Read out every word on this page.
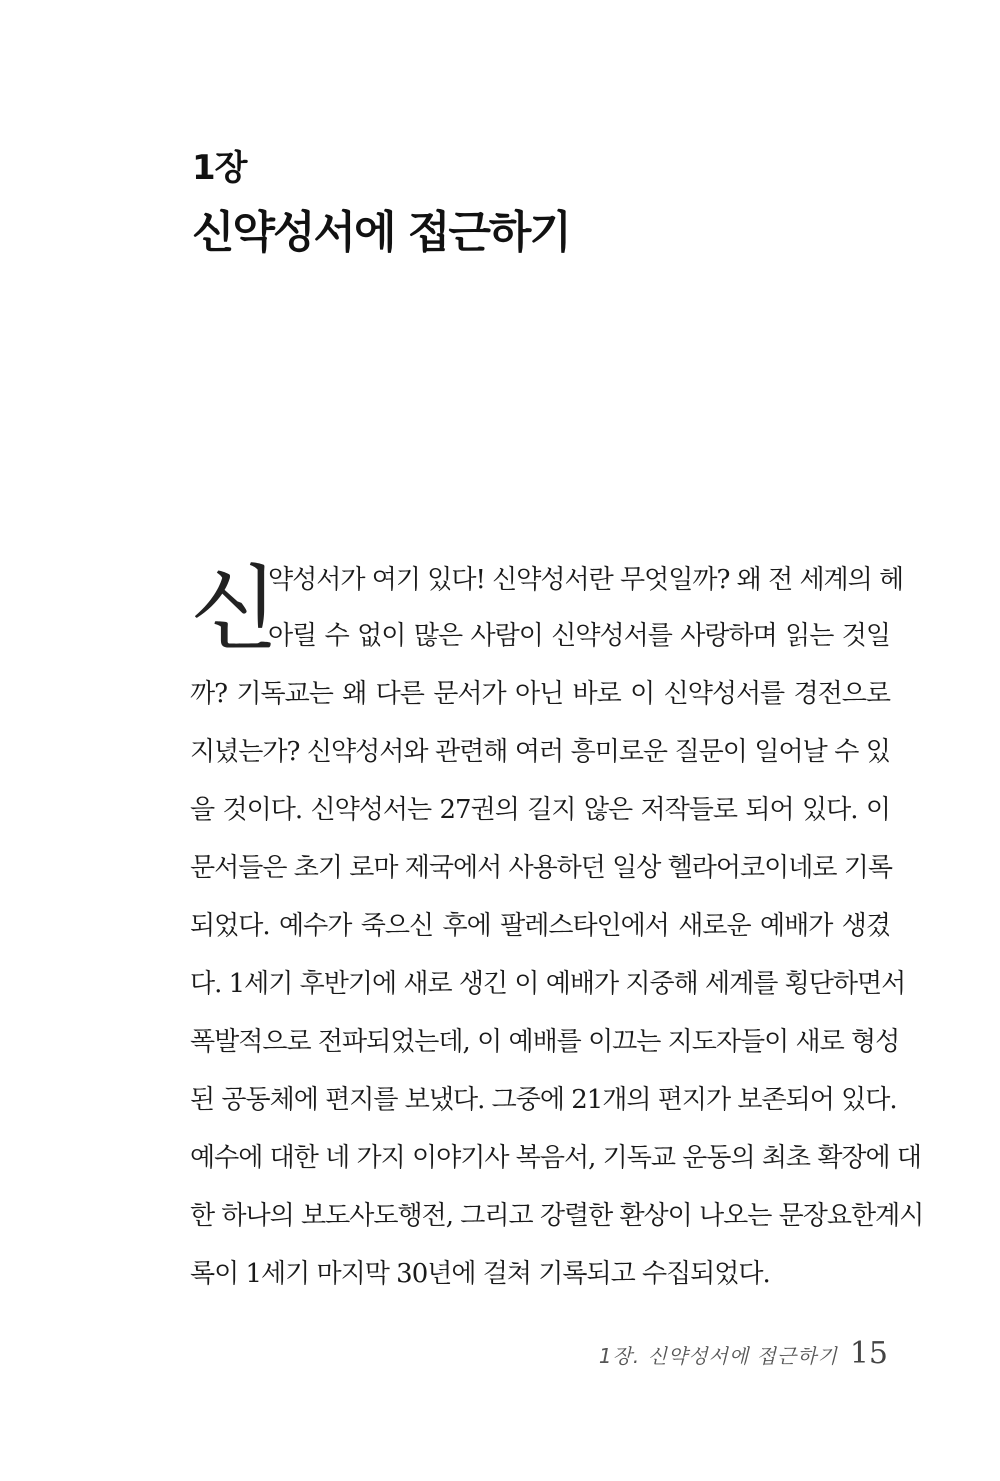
1장
신약성서에 접근하기
신
약성서가 여기 있다! 신약성서란 무엇일까? 왜 전 세계의 헤
아릴 수 없이 많은 사람이 신약성서를 사랑하며 읽는 것일
까? 기독교는 왜 다른 문서가 아닌 바로 이 신약성서를 경전으로
지녔는가? 신약성서와 관련해 여러 흥미로운 질문이 일어날 수 있
을 것이다. 신약성서는 27권의 길지 않은 저작들로 되어 있다. 이
문서들은 초기 로마 제국에서 사용하던 일상 헬라어코이네로 기록
되었다. 예수가 죽으신 후에 팔레스타인에서 새로운 예배가 생겼
다. 1세기 후반기에 새로 생긴 이 예배가 지중해 세계를 횡단하면서
폭발적으로 전파되었는데, 이 예배를 이끄는 지도자들이 새로 형성
된 공동체에 편지를 보냈다. 그중에 21개의 편지가 보존되어 있다.
예수에 대한 네 가지 이야기사 복음서, 기독교 운동의 최초 확장에 대
한 하나의 보도사도행전, 그리고 강렬한 환상이 나오는 문장요한계시
록이 1세기 마지막 30년에 걸쳐 기록되고 수집되었다.
1장. 신약성서에 접근하기 15
